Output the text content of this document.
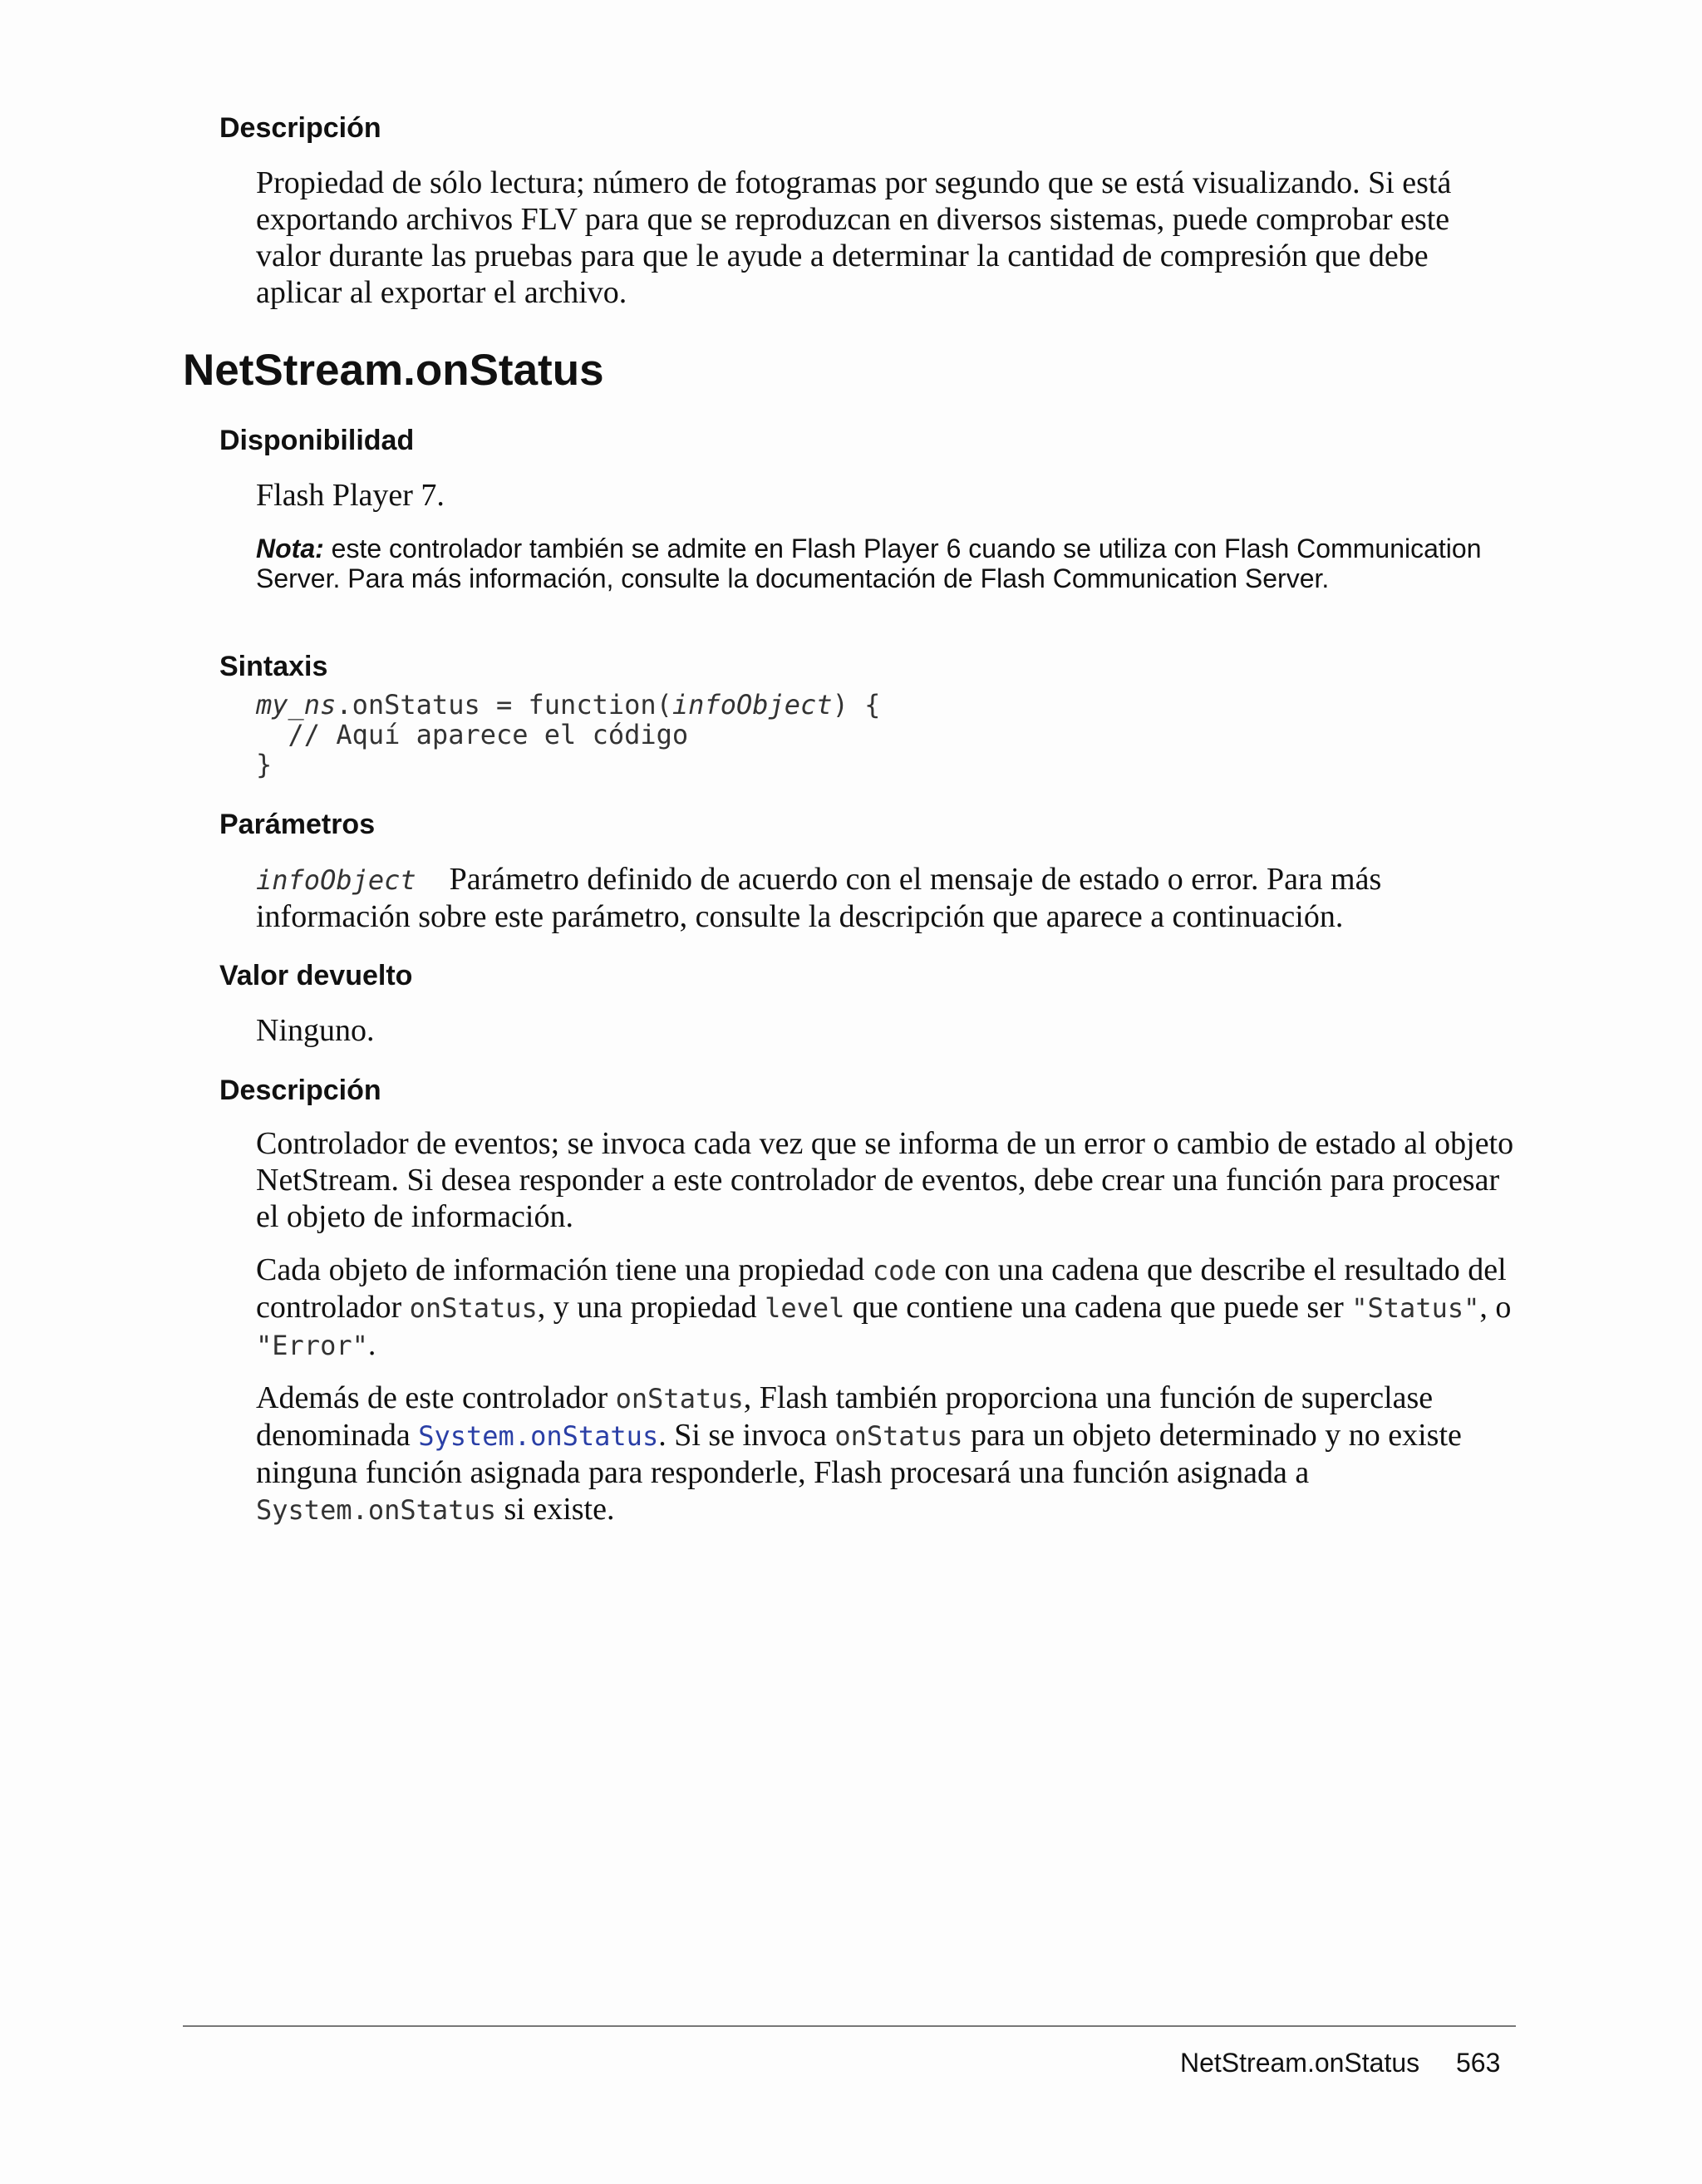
Descripción

Propiedad de sólo lectura; número de fotogramas por segundo que se está visualizando. Si está exportando archivos FLV para que se reproduzcan en diversos sistemas, puede comprobar este valor durante las pruebas para que le ayude a determinar la cantidad de compresión que debe aplicar al exportar el archivo.

NetStream.onStatus
Disponibilidad

Flash Player 7.

Nota: este controlador también se admite en Flash Player 6 cuando se utiliza con Flash Communication Server. Para más información, consulte la documentación de Flash Communication Server.

Sintaxis
my_ns.onStatus = function(infoObject) {
// Aquí aparece el código
}
Parámetros

infoObject Parámetro definido de acuerdo con el mensaje de estado o error. Para más información sobre este parámetro, consulte la descripción que aparece a continuación.

Valor devuelto

Ninguno.

Descripción

Controlador de eventos; se invoca cada vez que se informa de un error o cambio de estado al objeto NetStream. Si desea responder a este controlador de eventos, debe crear una función para procesar el objeto de información.

Cada objeto de información tiene una propiedad code con una cadena que describe el resultado del controlador onStatus, y una propiedad level que contiene una cadena que puede ser "Status", o "Error".

Además de este controlador onStatus, Flash también proporciona una función de superclase denominada System.onStatus. Si se invoca onStatus para un objeto determinado y no existe ninguna función asignada para responderle, Flash procesará una función asignada a System.onStatus si existe.

NetStream.onStatus 563
